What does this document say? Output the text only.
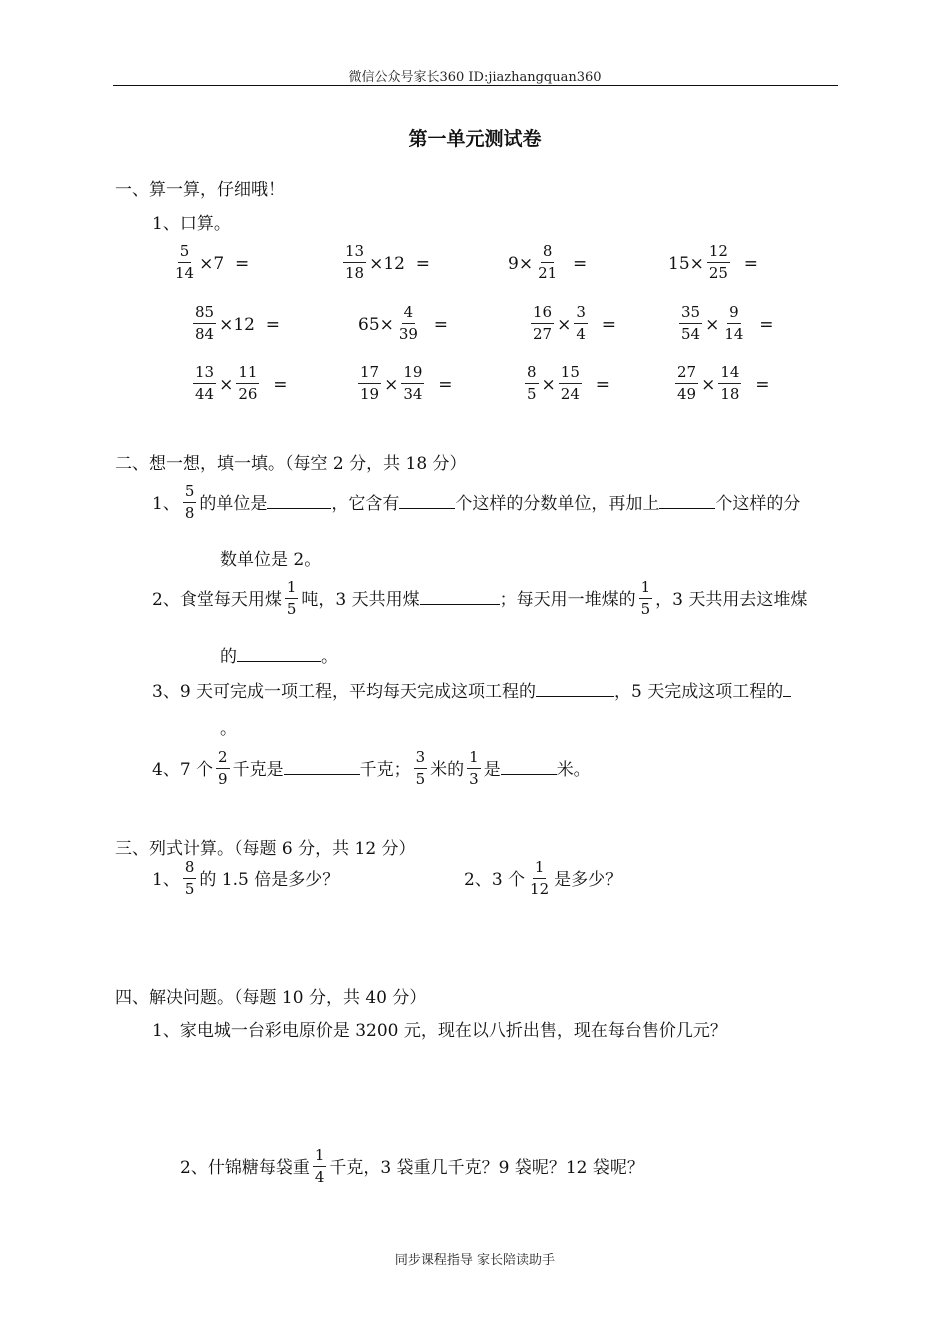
微信公众号家长360 ID:jiazhangquan360
第一单元测试卷
一、算一算，仔细哦！
1、口算。
$\frac{5}{14} \times 7$ =	$\frac{13}{18} \times 12$ =	$9\times \frac{8}{21}$ =	$15\times \frac{12}{25}$ =
$\frac{85}{84} \times 12$ =	$65\times \frac{4}{39}$ =	$\frac{16}{27} \times \frac{3}{4}$ =	$\frac{35}{54} \times \frac{9}{14}$ =
$\frac{13}{44} \times \frac{11}{26}$ =	$\frac{17}{19} \times \frac{19}{34}$ =	$\frac{8}{5} \times \frac{15}{24}$ =	$\frac{27}{49} \times \frac{14}{18}$ =
二、想一想，填一填。（每空 2 分，共 18 分）
1、 $\frac{5}{8}$ 的单位是	，它含有	个这样的分数单位，再加上	个这样的分
数单位是 2。
2、食堂每天用煤 $\frac{1}{5}$ 吨，3 天共用煤	；每天用一堆煤的 $\frac{1}{5}$ ，3 天共用去这堆煤
的	。
3、9 天可完成一项工程，平均每天完成这项工程的	，5 天完成这项工程的
。
4、7 个 $\frac{2}{9}$ 千克是	千克； $\frac{3}{5}$ 米的 $\frac{1}{3}$ 是	米。
三、列式计算。（每题 6 分，共 12 分）
1、 $\frac{8}{5}$ 的 1.5 倍是多少？	2、3 个 $\frac{1}{12}$ 是多少？
四、解决问题。（每题 10 分，共 40 分）
1、家电城一台彩电原价是 3200 元，现在以八折出售，现在每台售价几元？
2、什锦糖每袋重 $\frac{1}{4}$ 千克，3 袋重几千克？9 袋呢？12 袋呢？
同步课程指导 家长陪读助手
